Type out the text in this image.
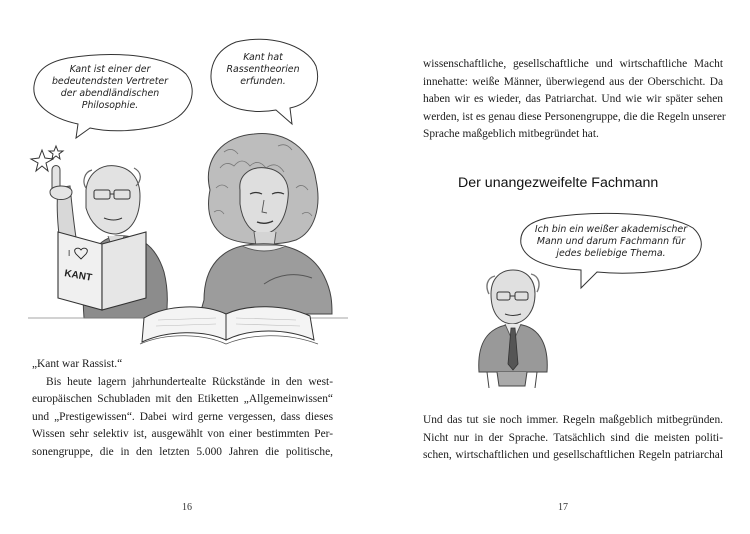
Kant ist einer der
bedeutendsten Vertreter
der abendländischen
Philosophie.
Kant hat
Rassentheorien
erfunden.
I
KANT
„Kant war Rassist.“
Bis heute lagern jahrhundertealte Rückstände in den west-
europäischen Schubladen mit den Etiketten „Allgemeinwissen“
und „Prestigewissen“. Dabei wird gerne vergessen, dass dieses
Wissen sehr selektiv ist, ausgewählt von einer bestimmten Per-
sonengruppe, die in den letzten 5.000 Jahren die politische,
16
wissenschaftliche, gesellschaftliche und wirtschaftliche Macht
innehatte: weiße Männer, überwiegend aus der Oberschicht. Da
haben wir es wieder, das Patriarchat. Und wie wir später sehen
werden, ist es genau diese Personengruppe, die die Regeln unserer
Sprache maßgeblich mitbegründet hat.
Der unangezweifelte Fachmann
Ich bin ein weißer akademischer
Mann und darum Fachmann für
jedes beliebige Thema.
Und das tut sie noch immer. Regeln maßgeblich mitbegründen.
Nicht nur in der Sprache. Tatsächlich sind die meisten politi-
schen, wirtschaftlichen und gesellschaftlichen Regeln patriarchal
17
